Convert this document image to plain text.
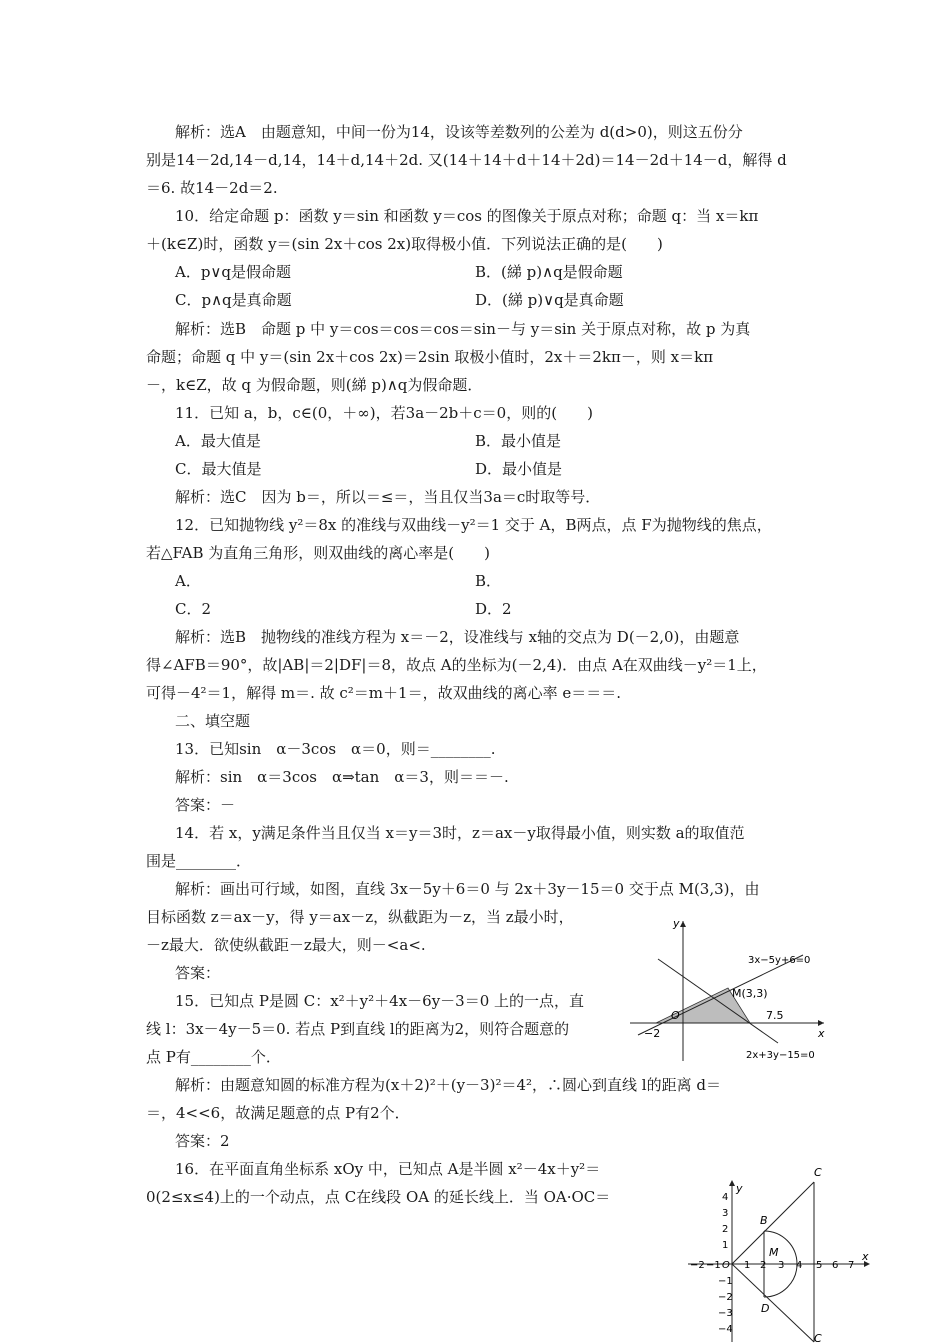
解析：选A　由题意知，中间一份为14，设该等差数列的公差为 d(d>0)，则这五份分
别是14－2d,14－d,14，14＋d,14＋2d. 又(14＋14＋d＋14＋2d)＝14－2d＋14－d，解得 d
＝6. 故14－2d＝2.
10．给定命题 p：函数 y＝sin 和函数 y＝cos 的图像关于原点对称；命题 q：当 x＝kπ
＋(k∈Z)时，函数 y＝(sin 2x＋cos 2x)取得极小值．下列说法正确的是(　　)
A．p∨q是假命题	B．(綈 p)∧q是假命题
C．p∧q是真命题	D．(綈 p)∨q是真命题
解析：选B　命题 p 中 y＝cos＝cos＝cos＝sin－与 y＝sin 关于原点对称，故 p 为真
命题；命题 q 中 y＝(sin 2x＋cos 2x)＝2sin 取极小值时，2x＋＝2kπ－，则 x＝kπ
－，k∈Z，故 q 为假命题，则(綈 p)∧q为假命题．
11．已知 a，b，c∈(0，＋∞)，若3a－2b＋c＝0，则的(　　)
A．最大值是	B．最小值是
C．最大值是	D．最小值是
解析：选C　因为 b＝，所以＝≤＝，当且仅当3a＝c时取等号．
12．已知抛物线 y²＝8x 的准线与双曲线－y²＝1 交于 A，B两点，点 F为抛物线的焦点，
若△FAB 为直角三角形，则双曲线的离心率是(　　)
A．	B．
C．2	D．2
解析：选B　抛物线的准线方程为 x＝－2，设准线与 x轴的交点为 D(－2,0)，由题意
得∠AFB＝90°，故|AB|＝2|DF|＝8，故点 A的坐标为(－2,4)．由点 A在双曲线－y²＝1上，
可得－4²＝1，解得 m＝. 故 c²＝m＋1＝，故双曲线的离心率 e＝＝＝.
二、填空题
13．已知sin　α－3cos　α＝0，则＝________.
解析：sin　α＝3cos　α⇒tan　α＝3，则＝＝－.
答案：－
14．若 x，y满足条件当且仅当 x＝y＝3时，z＝ax－y取得最小值，则实数 a的取值范
围是________．
解析：画出可行域，如图，直线 3x－5y＋6＝0 与 2x＋3y－15＝0 交于点 M(3,3)，由
目标函数 z＝ax－y，得 y＝ax－z，纵截距为－z，当 z最小时，
－z最大．欲使纵截距－z最大，则－<a<.
答案：
15．已知点 P是圆 C：x²＋y²＋4x－6y－3＝0 上的一点，直
线 l：3x－4y－5＝0. 若点 P到直线 l的距离为2，则符合题意的
点 P有________个．
解析：由题意知圆的标准方程为(x＋2)²＋(y－3)²＝4²，∴圆心到直线 l的距离 d＝
＝，4<<6，故满足题意的点 P有2个．
答案：2
16．在平面直角坐标系 xOy 中，已知点 A是半圆 x²－4x＋y²＝
0(2≤x≤4)上的一个动点，点 C在线段 OA 的延长线上．当 OA·OC＝
y
x
O
−2
7.5
M(3,3)
3x−5y+6=0
2x+3y−15=0
C
B
M
D
C
y
x
O
−2 −1 1 2 3 4 5 6 7
4
3
2
1
−1
−2
−3
−4
